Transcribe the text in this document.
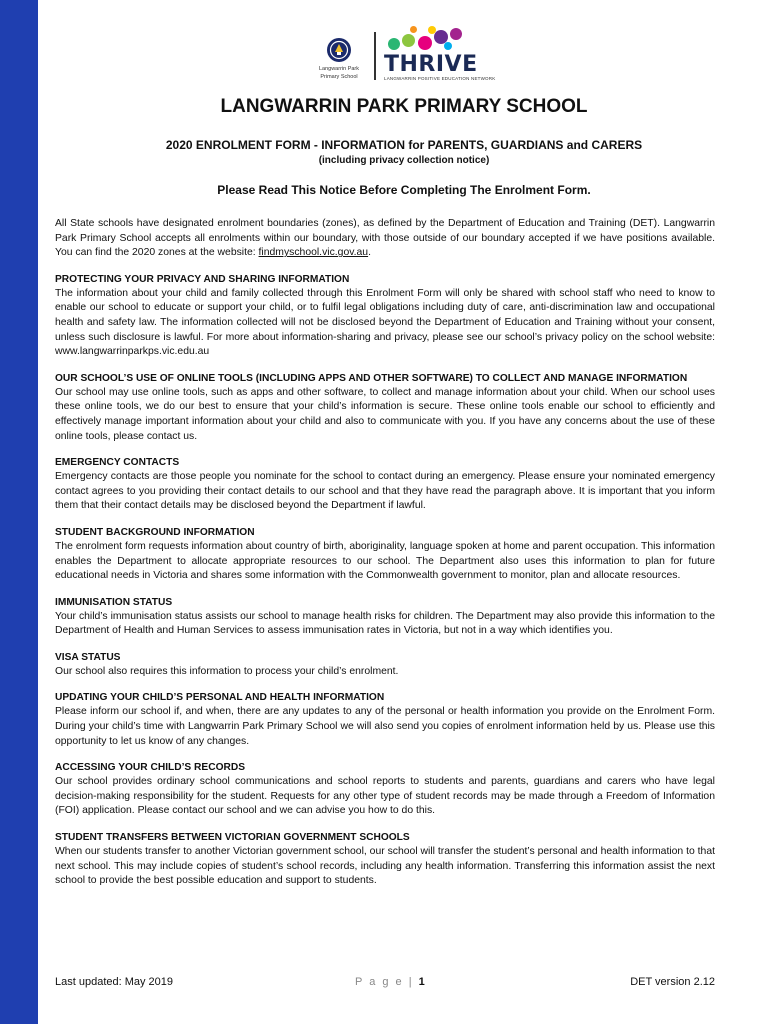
Langwarrin Park
Primary School	THRIVE
LANGWARRIN POSITIVE EDUCATION NETWORK
LANGWARRIN PARK PRIMARY SCHOOL
2020 ENROLMENT FORM - INFORMATION for PARENTS, GUARDIANS and CARERS
(including privacy collection notice)
Please Read This Notice Before Completing The Enrolment Form.

All State schools have designated enrolment boundaries (zones), as defined by the Department of Education and Training (DET). Langwarrin Park Primary School accepts all enrolments within our boundary, with those outside of our boundary accepted if we have positions available. You can find the 2020 zones at the website: findmyschool.vic.gov.au.

PROTECTING YOUR PRIVACY AND SHARING INFORMATION

The information about your child and family collected through this Enrolment Form will only be shared with school staff who need to know to enable our school to educate or support your child, or to fulfil legal obligations including duty of care, anti-discrimination law and occupational health and safety law. The information collected will not be disclosed beyond the Department of Education and Training without your consent, unless such disclosure is lawful. For more about information-sharing and privacy, please see our school’s privacy policy on the school website: www.langwarrinparkps.vic.edu.au

OUR SCHOOL’S USE OF ONLINE TOOLS (INCLUDING APPS AND OTHER SOFTWARE) TO COLLECT AND MANAGE INFORMATION

Our school may use online tools, such as apps and other software, to collect and manage information about your child. When our school uses these online tools, we do our best to ensure that your child’s information is secure. These online tools enable our school to efficiently and effectively manage important information about your child and also to communicate with you. If you have any concerns about the use of these online tools, please contact us.

EMERGENCY CONTACTS

Emergency contacts are those people you nominate for the school to contact during an emergency. Please ensure your nominated emergency contact agrees to you providing their contact details to our school and that they have read the paragraph above. It is important that you inform them that their contact details may be disclosed beyond the Department if lawful.

STUDENT BACKGROUND INFORMATION

The enrolment form requests information about country of birth, aboriginality, language spoken at home and parent occupation. This information enables the Department to allocate appropriate resources to our school. The Department also uses this information to plan for future educational needs in Victoria and shares some information with the Commonwealth government to monitor, plan and allocate resources.

IMMUNISATION STATUS

Your child’s immunisation status assists our school to manage health risks for children. The Department may also provide this information to the Department of Health and Human Services to assess immunisation rates in Victoria, but not in a way which identifies you.

VISA STATUS

Our school also requires this information to process your child’s enrolment.

UPDATING YOUR CHILD’S PERSONAL AND HEALTH INFORMATION

Please inform our school if, and when, there are any updates to any of the personal or health information you provide on the Enrolment Form. During your child’s time with Langwarrin Park Primary School we will also send you copies of enrolment information held by us. Please use this opportunity to let us know of any changes.

ACCESSING YOUR CHILD’S RECORDS

Our school provides ordinary school communications and school reports to students and parents, guardians and carers who have legal decision-making responsibility for the student. Requests for any other type of student records may be made through a Freedom of Information (FOI) application. Please contact our school and we can advise you how to do this.

STUDENT TRANSFERS BETWEEN VICTORIAN GOVERNMENT SCHOOLS

When our students transfer to another Victorian government school, our school will transfer the student’s personal and health information to that next school. This may include copies of student’s school records, including any health information. Transferring this information assist the next school to provide the best possible education and support to students.

Last updated: May 2019	P a g e | 1	DET version 2.12
